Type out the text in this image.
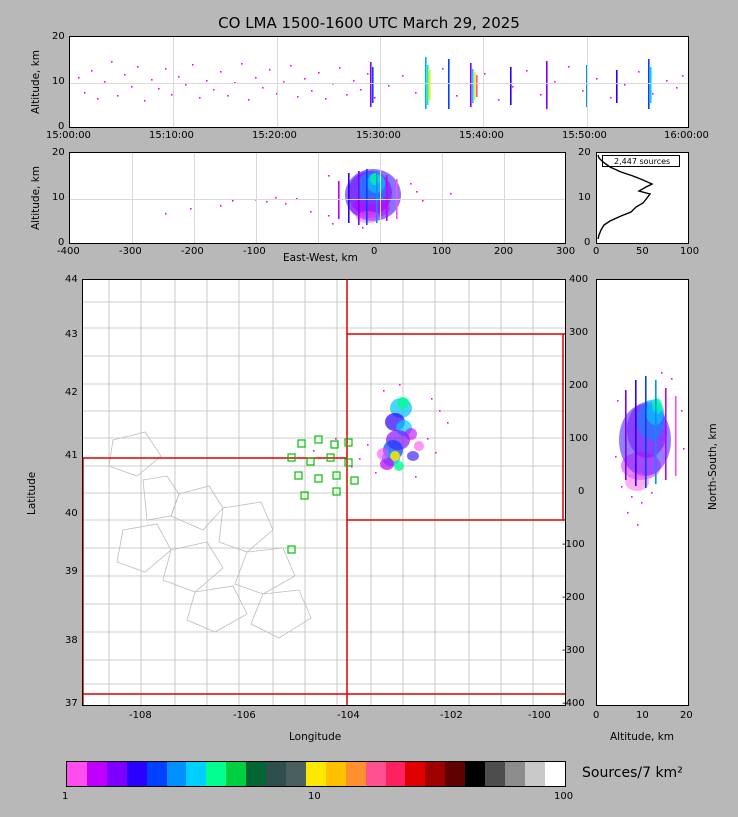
CO LMA 1500-1600 UTC March 29, 2025
Altitude, km
20
10
0
15:00:00	15:10:00	15:20:00	15:30:00	15:40:00	15:50:00	16:00:00
Altitude, km
20
10
0
-400	-300	-200	-100	0	100	200	300
East-West, km
2,447 sources
20
10
0
0	50	100
Latitude
44
43
42
41
40
39
38
37
-108	-106	-104	-102	-100
Longitude
400
300
200
100
0
-100
-200
-300
-400
0	10	20
North-South, km
Altitude, km
1	10	100
Sources/7 km²
